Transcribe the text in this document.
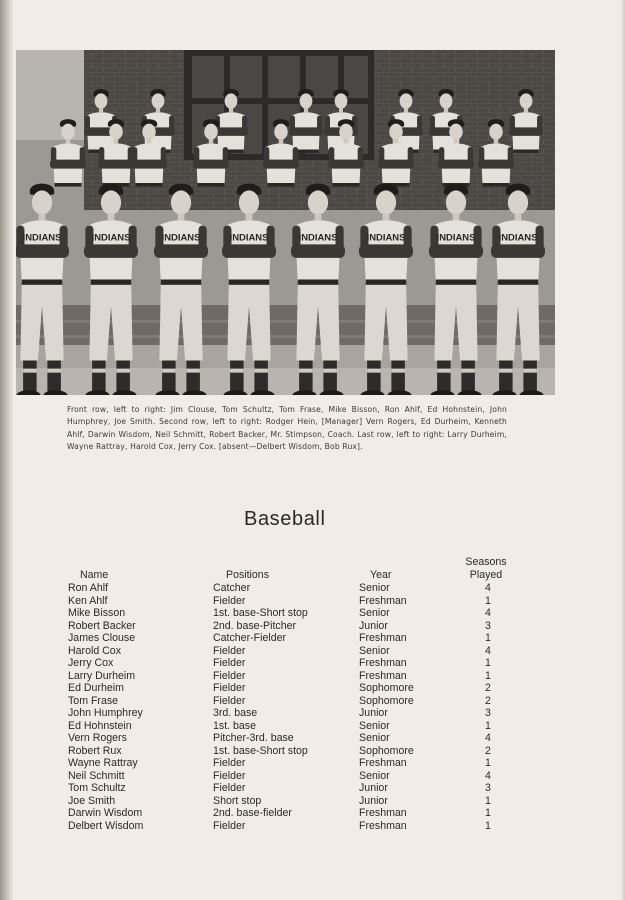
INDIANS	INDIANS	INDIANS	INDIANS	INDIANS	INDIANS	INDIANS INDIANS

Front row, left to right: Jim Clouse, Tom Schultz, Tom Frase, Mike Bisson, Ron Ahlf, Ed Hohnstein, John Humphrey, Joe Smith. Second row, left to right: Rodger Hein, [Manager] Vern Rogers, Ed Durheim, Kenneth Ahlf, Darwin Wisdom, Neil Schmitt, Robert Backer, Mr. Stimpson, Coach. Last row, left to right: Larry Durheim, Wayne Rattray, Harold Cox, Jerry Cox. [absent—Delbert Wisdom, Bob Rux].

Baseball
Name	Positions	Year
Seasons
Played
Ron Ahlf	Catcher	Senior	4
Ken Ahlf	Fielder	Freshman	1
Mike Bisson	1st. base-Short stop	Senior	4
Robert Backer	2nd. base-Pitcher	Junior	3
James Clouse	Catcher-Fielder	Freshman	1
Harold Cox	Fielder	Senior	4
Jerry Cox	Fielder	Freshman	1
Larry Durheim	Fielder	Freshman	1
Ed Durheim	Fielder	Sophomore	2
Tom Frase	Fielder	Sophomore	2
John Humphrey	3rd. base	Junior	3
Ed Hohnstein	1st. base	Senior	1
Vern Rogers	Pitcher-3rd. base	Senior	4
Robert Rux	1st. base-Short stop	Sophomore	2
Wayne Rattray	Fielder	Freshman	1
Neil Schmitt	Fielder	Senior	4
Tom Schultz	Fielder	Junior	3
Joe Smith	Short stop	Junior	1
Darwin Wisdom	2nd. base-fielder	Freshman	1
Delbert Wisdom	Fielder	Freshman	1
